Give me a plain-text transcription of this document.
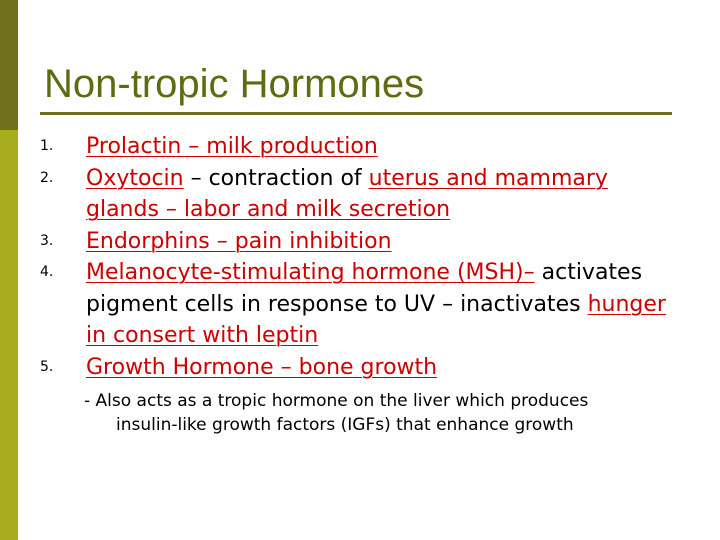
Non-tropic Hormones
1. Prolactin – milk production
2. Oxytocin – contraction of uterus and mammary glands – labor and milk secretion
3. Endorphins – pain inhibition
4. Melanocyte-stimulating hormone (MSH)– activates pigment cells in response to UV – inactivates hunger in consert with leptin
5. Growth Hormone – bone growth

- Also acts as a tropic hormone on the liver which produces
insulin-like growth factors (IGFs) that enhance growth
